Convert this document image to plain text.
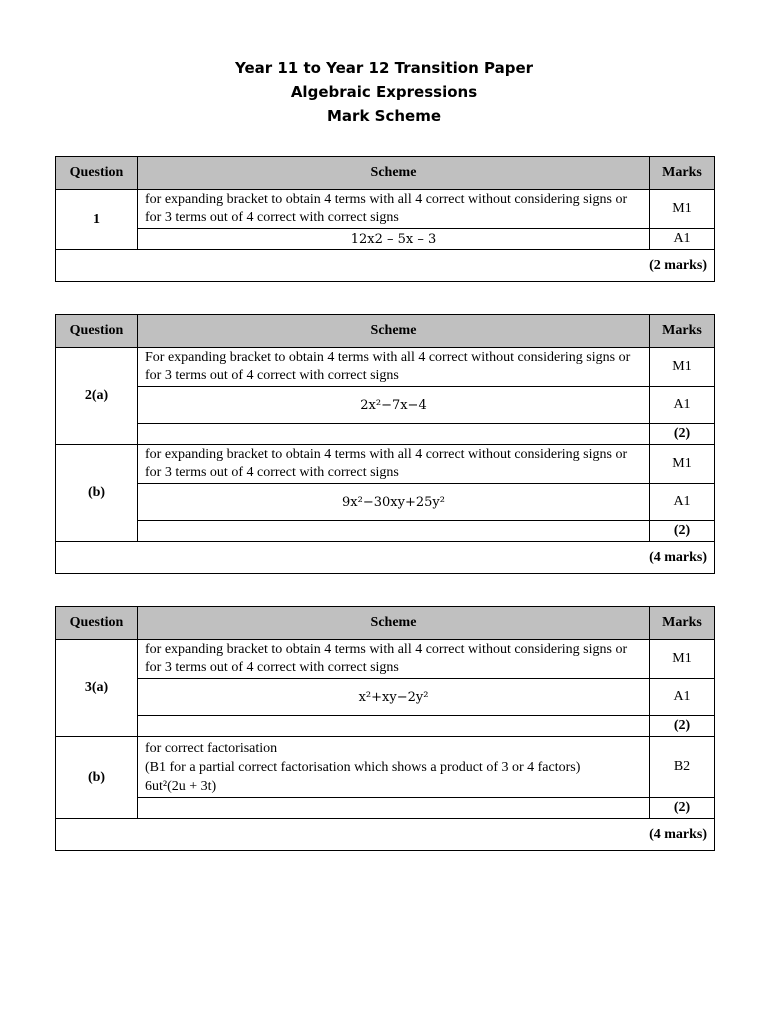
Year 11 to Year 12 Transition Paper
Algebraic Expressions
Mark Scheme
Question	Scheme	Marks
1	for expanding bracket to obtain 4 terms with all 4 correct without considering signs or for 3 terms out of 4 correct with correct signs	M1
	12x2 – 5x – 3	A1
(2 marks)		
Question	Scheme	Marks
2(a)	For expanding bracket to obtain 4 terms with all 4 correct without considering signs or for 3 terms out of 4 correct with correct signs	M1
	2x²−7x−4	A1
		(2)
(b)	for expanding bracket to obtain 4 terms with all 4 correct without considering signs or for 3 terms out of 4 correct with correct signs	M1
	9x²−30xy+25y²	A1
		(2)
(4 marks)		
Question	Scheme	Marks
3(a)	for expanding bracket to obtain 4 terms with all 4 correct without considering signs or for 3 terms out of 4 correct with correct signs	M1
	x²+xy−2y²	A1
		(2)
(b)	for correct factorisation
(B1 for a partial correct factorisation which shows a product of 3 or 4 factors)
6ut²(2u + 3t)	B2
		(2)
(4 marks)		
